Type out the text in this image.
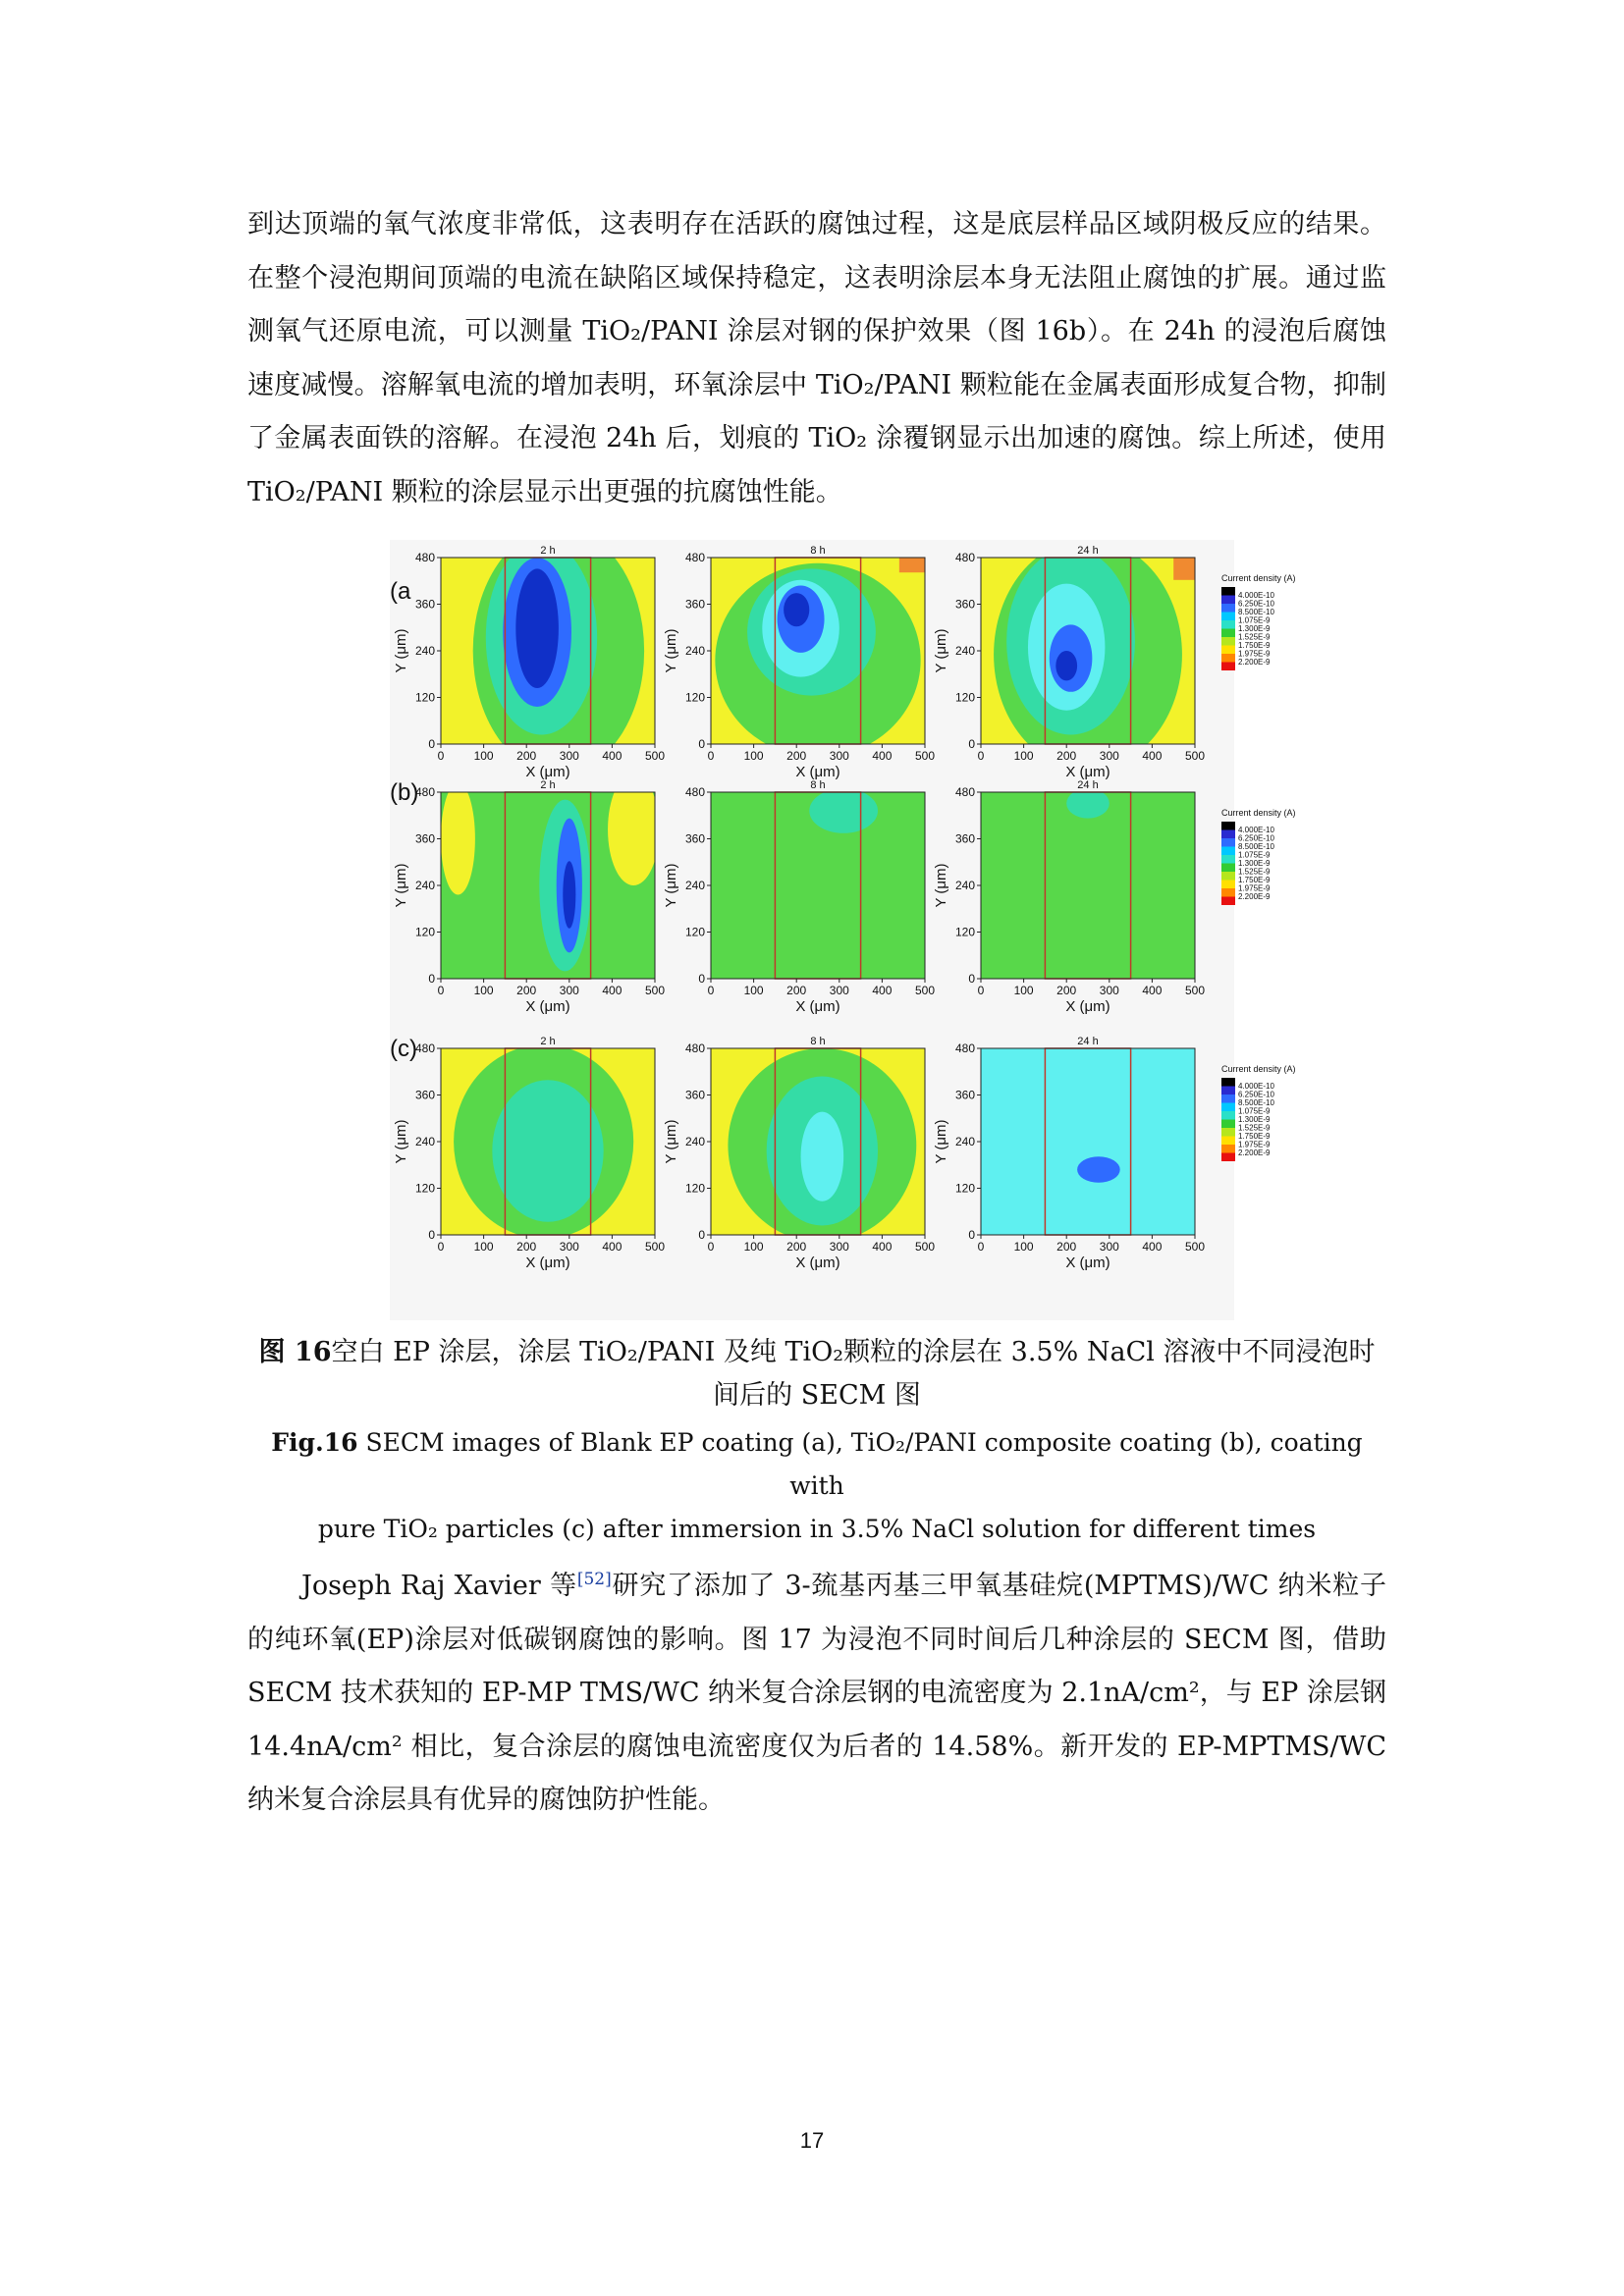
到达顶端的氧气浓度非常低，这表明存在活跃的腐蚀过程，这是底层样品区域阴极反应的结果。在整个浸泡期间顶端的电流在缺陷区域保持稳定，这表明涂层本身无法阻止腐蚀的扩展。通过监测氧气还原电流，可以测量 TiO₂/PANI 涂层对钢的保护效果（图 16b）。在 24h 的浸泡后腐蚀速度减慢。溶解氧电流的增加表明，环氧涂层中 TiO₂/PANI 颗粒能在金属表面形成复合物，抑制了金属表面铁的溶解。在浸泡 24h 后，划痕的 TiO₂ 涂覆钢显示出加速的腐蚀。综上所述，使用 TiO₂/PANI 颗粒的涂层显示出更强的抗腐蚀性能。

2 h
0	100 200 300 400 500
X (μm)
0
120
240
360
480
Y (μm)
8 h
0	100 200 300 400 500
X (μm)
0
120
240
360
480
Y (μm)
24 h
0	100 200 300 400 500
X (μm)
0
120
240
360
480
Y (μm)
(a	Current density (A)
4.000E-10
6.250E-10
8.500E-10
1.075E-9
1.300E-9
1.525E-9
1.750E-9
1.975E-9
2.200E-9
2 h
0	100 200 300 400 500
X (μm)
0
120
240
360
480
Y (μm)
8 h
0	100 200 300 400 500
X (μm)
0
120
240
360
480
Y (μm)
24 h
0	100 200 300 400 500
X (μm)
0
120
240
360
480
Y (μm)
(b)
Current density (A)
4.000E-10
6.250E-10
8.500E-10
1.075E-9
1.300E-9
1.525E-9
1.750E-9
1.975E-9
2.200E-9
2 h
0	100 200 300 400 500
X (μm)
0
120
240
360
480
Y (μm)
8 h
0	100 200 300 400 500
X (μm)
0
120
240
360
480
Y (μm)
24 h
0	100 200 300 400 500
X (μm)
0
120
240
360
480
Y (μm)
(c)
Current density (A)
4.000E-10
6.250E-10
8.500E-10
1.075E-9
1.300E-9
1.525E-9
1.750E-9
1.975E-9
2.200E-9
图 16空白 EP 涂层，涂层 TiO₂/PANI 及纯 TiO₂颗粒的涂层在 3.5% NaCl 溶液中不同浸泡时
间后的 SECM 图
Fig.16 SECM images of Blank EP coating (a), TiO₂/PANI composite coating (b), coating with
pure TiO₂ particles (c) after immersion in 3.5% NaCl solution for different times

Joseph Raj Xavier 等[52]研究了添加了 3-巯基丙基三甲氧基硅烷(MPTMS)/WC 纳米粒子的纯环氧(EP)涂层对低碳钢腐蚀的影响。图 17 为浸泡不同时间后几种涂层的 SECM 图，借助 SECM 技术获知的 EP-MP TMS/WC 纳米复合涂层钢的电流密度为 2.1nA/cm²，与 EP 涂层钢 14.4nA/cm² 相比，复合涂层的腐蚀电流密度仅为后者的 14.58%。新开发的 EP-MPTMS/WC 纳米复合涂层具有优异的腐蚀防护性能。

17
